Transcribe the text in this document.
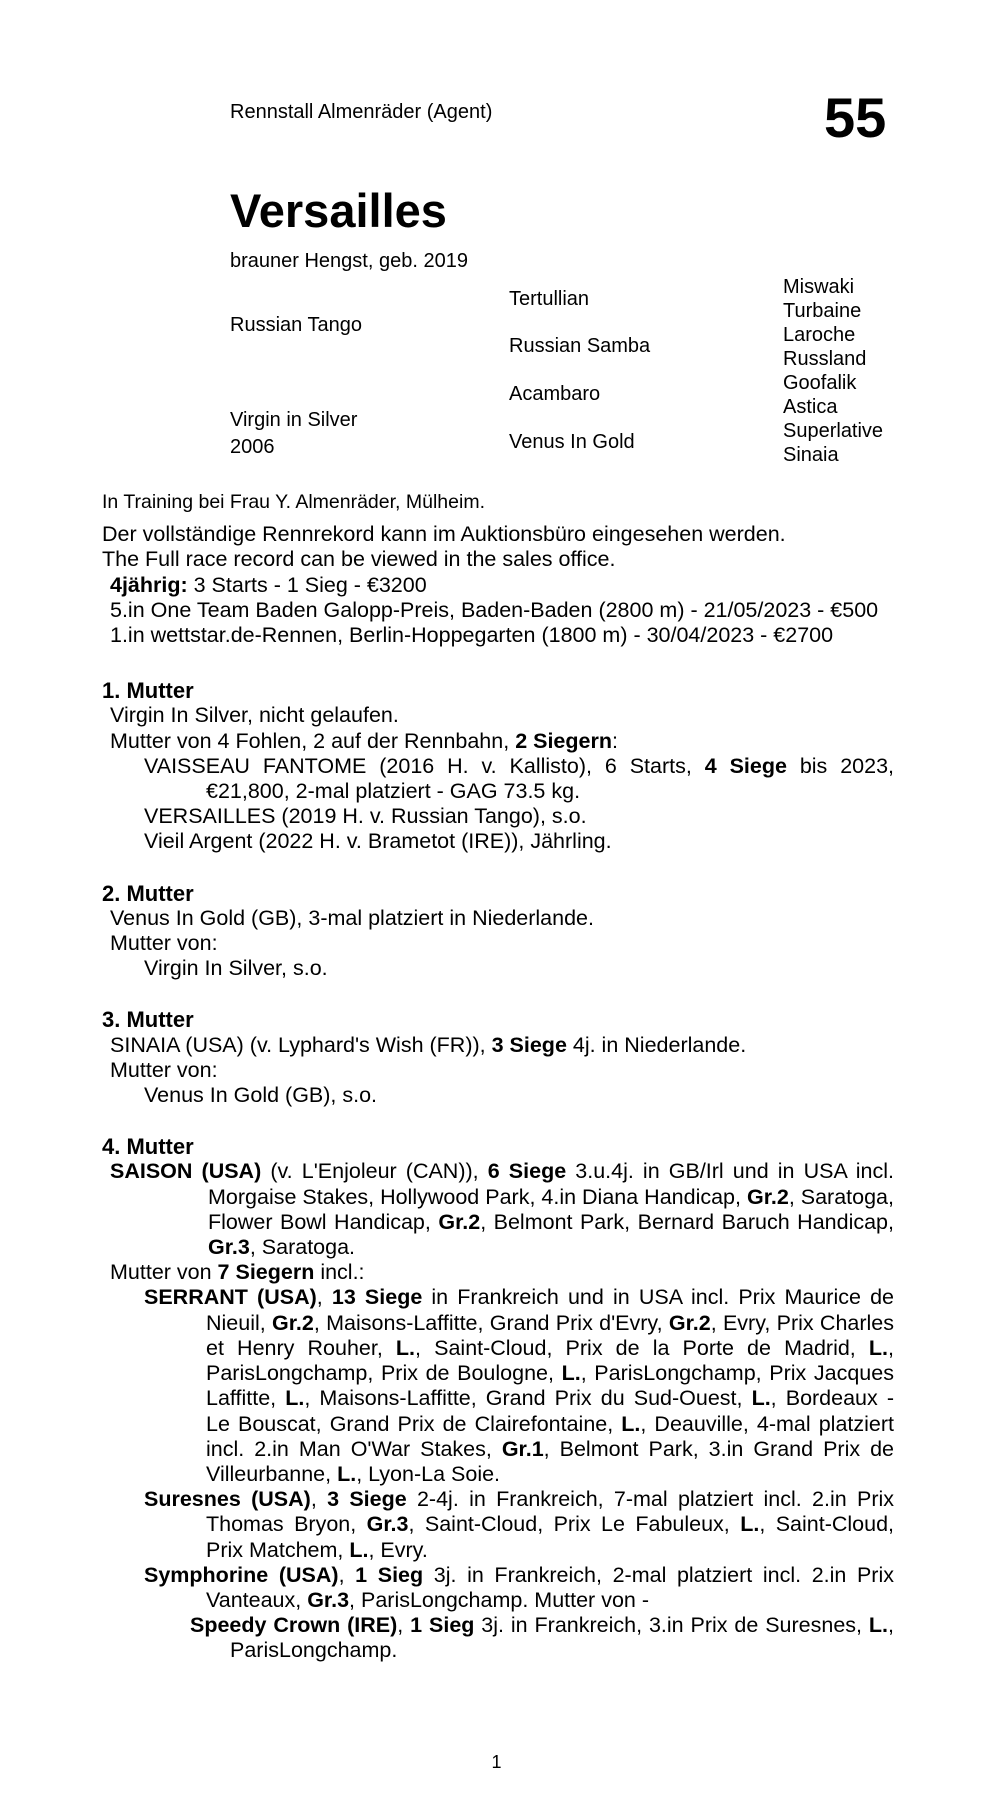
Rennstall Almenräder (Agent)	55
Versailles
brauner Hengst, geb. 2019
Russian Tango
Virgin in Silver
2006
Tertullian
Russian Samba
Acambaro
Venus In Gold
Miswaki
Turbaine
Laroche
Russland
Goofalik
Astica
Superlative
Sinaia

In Training bei Frau Y. Almenräder, Mülheim.

Der vollständige Rennrekord kann im Auktionsbüro eingesehen werden.

The Full race record can be viewed in the sales office.

4jährig: 3 Starts - 1 Sieg - €3200

5.in One Team Baden Galopp-Preis, Baden-Baden (2800 m) - 21/05/2023 - €500

1.in wettstar.de-Rennen, Berlin-Hoppegarten (1800 m) - 30/04/2023 - €2700

1. Mutter

Virgin In Silver, nicht gelaufen.

Mutter von 4 Fohlen, 2 auf der Rennbahn, 2 Siegern:

VAISSEAU FANTOME (2016 H. v. Kallisto), 6 Starts, 4 Siege bis 2023, €21,800, 2-mal platziert - GAG 73.5 kg.

VERSAILLES (2019 H. v. Russian Tango), s.o.

Vieil Argent (2022 H. v. Brametot (IRE)), Jährling.

2. Mutter

Venus In Gold (GB), 3-mal platziert in Niederlande.

Mutter von:

Virgin In Silver, s.o.

3. Mutter

SINAIA (USA) (v. Lyphard's Wish (FR)), 3 Siege 4j. in Niederlande.

Mutter von:

Venus In Gold (GB), s.o.

4. Mutter

SAISON (USA) (v. L'Enjoleur (CAN)), 6 Siege 3.u.4j. in GB/Irl und in USA incl. Morgaise Stakes, Hollywood Park, 4.in Diana Handicap, Gr.2, Saratoga, Flower Bowl Handicap, Gr.2, Belmont Park, Bernard Baruch Handicap, Gr.3, Saratoga.

Mutter von 7 Siegern incl.:

SERRANT (USA), 13 Siege in Frankreich und in USA incl. Prix Maurice de Nieuil, Gr.2, Maisons-Laffitte, Grand Prix d'Evry, Gr.2, Evry, Prix Charles et Henry Rouher, L., Saint-Cloud, Prix de la Porte de Madrid, L., ParisLongchamp, Prix de Boulogne, L., ParisLongchamp, Prix Jacques Laffitte, L., Maisons-Laffitte, Grand Prix du Sud-Ouest, L., Bordeaux - Le Bouscat, Grand Prix de Clairefontaine, L., Deauville, 4-mal platziert incl. 2.in Man O'War Stakes, Gr.1, Belmont Park, 3.in Grand Prix de Villeurbanne, L., Lyon-La Soie.

Suresnes (USA), 3 Siege 2-4j. in Frankreich, 7-mal platziert incl. 2.in Prix Thomas Bryon, Gr.3, Saint-Cloud, Prix Le Fabuleux, L., Saint-Cloud, Prix Matchem, L., Evry.

Symphorine (USA), 1 Sieg 3j. in Frankreich, 2-mal platziert incl. 2.in Prix Vanteaux, Gr.3, ParisLongchamp. Mutter von -

Speedy Crown (IRE), 1 Sieg 3j. in Frankreich, 3.in Prix de Suresnes, L., ParisLongchamp.

1
